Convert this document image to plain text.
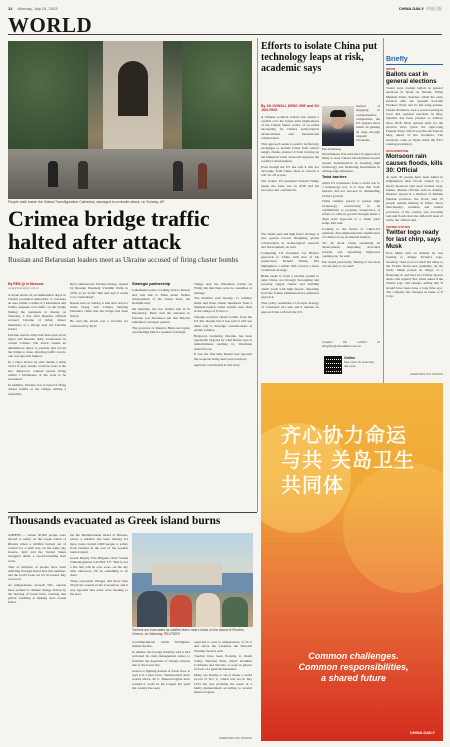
12 Monday, July 24, 2023	CHINA DAILY 中国日报
WORLD
People walk inside the Odesa Transfiguration Cathedral, damaged in a missile attack, on Sunday. AP
Crimea bridge traffic halted after attack
Russian and Belarusian leaders meet as Ukraine accused of firing cluster bombs
By REN QI in Moscow
renqi@chinadaily.com.cn

A drone attack on an ammunition depot in Crimea prompted authorities to evacuate an area within a radius of 5 kilometers and briefly suspend road traffic on the bridge linking the peninsula to Russia on Saturday, a day after Russian officials accused Ukraine of firing cluster munitions at a village near the Ukraine border.

Ukraine said its army had destroyed an oil depot and Russian army warehouses in central Crimea. The attack caused an ammunition depot to explode and forced the bridge to close, affecting traffic, but no one was reported injured.

In a video shown by state media, a thick cloud of gray smoke could be seen at the site. Aksyonov ordered people living within 5 kilometers of the zone to be evacuated.

In addition, Ukraine was accused of firing cluster bombs at the village, killing a journalist.

Ryb continues the Ukraine bridge, opened by Russian President Vladimir Putin in 2018, as an 'iconic' link and says it wants to be 'neutralized'.

Russia said on Sunday it had shot down a drone flying over Crimea, denying Ukraine's claim that the bridge had been struck.

He said the attack was a terrorist act carried out by Kyiv.

Strategic partnership

Lukashenko paid a working visit to Russia and will talk to Putin about further development of the Union State, the Kremlin said.

On Saturday, the two leaders met in St Petersburg. Putin said the situation in Ukraine was discussed and that Belarus remained a strategic partner.

The governor of Russia's Belgorod region said shelling killed a resident overnight.

village near the Ukrainian border on Friday but that there were no casualties or damage.

The Kremlin said Sunday, 21 artillery shells and three cluster munitions from a multiple-launch rocket system were fired at the village of Urazovo.

Ukraine received cluster bombs from the US this month, but it has said it will use them only to dislodge concentrations of enemy soldiers.

Belgorod, bordering Ukraine, has been repeatedly targeted by what Russia says is indiscriminate shelling by Ukrainian armed forces.

It was the first time Russia had reported the weapons being used on its territory.

Agencies contributed to this story.

Efforts to isolate China put technology leaps at risk, academic says
By XU DONGLI, DENG ZHE and XU JUN-YING

A Chinese political scholar has issued a caution over the longer-term implications of the United States' policy of so-called decoupling for China's technological advancements and international collaboration.

This approach seeks to restrict technology exchanges to include China from critical supply chains, obstruct it from moving up the industrial value chain and suppress the country's development.

Even though the US has said it will not 'decouple' from China, there is concern it will cut off access.

The former US president Donald Trump began the trade war in 2018 and his successor has continued it.

Pan Xuantang

instead of engaging in comprehensive competition, the US appears more intent on gaining an edge through targeted blockades.

Nevertheless, Pan said, the US approach is likely to steer China's development toward greater determination in fostering high technology and furthering investments in cutting-edge industries.

Twist barriers

Amid US transitions from a world war to a technology war, it is clear that 'wall' barriers did not succeed in dismantling China's growth.

China remains poised to pursue high technology, unwavering in its commitment to progress, irrespective of efforts to stifle its growth through either a 'high wall' approach or a 'small yard' setup, Pan said.

Looking to the future of China-US relations, Pan emphasized the significance of China's focus on internal matters.

'It's all about China sustaining its development, deepening structural reforms and expanding high-level opening-up,' he said.

Pan stated personally, 'hinting at the most crucial parts to be used'.

The 'small yard and high fence' strategy is also geared toward disrupting global collaboration in technological research and development, he said.

Comparing US President Joe Biden's approach to China with that of his predecessor Donald Trump, Pan highlighted a subtle shift toward a more coalitional strategy.

Biden seeks to form a parallel system to deter China, not through 'decoupling and severing supply chains' and building 'small yards with high fences', departing from the Trump administration's unilateral approach.

This policy resembles a US-style strategy of 'contained' 2x1 and, and it remains an approach that will hurt the US.

Contact the writers at dengzhe@chinadaily.com.cn
Online
See more by scanning the code
Briefly
SPAIN
Ballots cast in general elections
Voters were casting ballots in general elections in Spain on Sunday. Prime Minister Pedro Sánchez called the early election after the Spanish Socialist Workers' Party and its left-wing partner, Unidas Podemos, took a severe beating in local and regional elections in May. Sánchez has been pleased to achieve since 2018. Most opinion polls for the election have given the right-wing Popular Party, which won the elections in May, ahead of the Socialists. The elections come as Spain holds the EU's rotating presidency.
AFGHANISTAN
Monsoon rain causes floods, kills 30: Official
At least 30 people have been killed in Afghanistan after floods caused by a heavy monsoon rain spell washed away homes, disaster officials said on Sunday. Disaster spread at a distance of Maidan Wardak province, the flood, said 70 people remain missing in Jalrez. Since mid-January, southern and central provinces of the country saw torrential rain and floods that also killed 40 head of cattle, the official said.
UNITED STATES
Twitter logo ready for last chirp, says Musk
Elon Musk said on Sunday he was looking to change Twitter's logo, tweeting: 'And soon we shall bid adieu to the Twitter brand and, gradually, all the birds.' Musk posted an image of a flickering X, and later in a Twitter Spaces audio chat replied 'Yes' when asked if the Twitter logo will change, adding that 'It should have been done a long time ago.' The company has changed its name to X Corp.
AGENCIES VIA XINHUA
齐心协力命运与共 关岛卫生共同体
Common challenges.
Common responsibilities,
a shared future
CHINA DAILY
Thousands evacuated as Greek island burns

ATHENS — About 30,000 people were moved to safety on the Greek island of Rhodes when a wildfire burned out of control for a sixth day, on the same day Greece, Italy and the United States struggled under a record-breaking heat wave.

Tens of millions of people have been suffering through brutal heat this summer, and the world looks set for its hottest July on record.

As temperatures exceeds 50C, experts have pointed to climate change driven by the burning of fossil fuels, warning that global warming is making such events hotter.

On the Mediterranean island of Rhodes, where a wildfire has been blazing for days, boats carried 2,000 people to safety from beaches in the east of the popular tourist island.

Greek Deputy Fire Brigade Chief Vasilis Vathrakogiannis told ERT TV: 'This is not a fire that will be over soon—as the day after tomorrow, it'll be something to be done.'

Three evacuated villages and more than 30 private vessels in the evacuation; and it was reported that some were heading to the area.

Tourists are evacuated as wildfire burns near Lindos on the island of Rhodes, Greece, on Saturday. REUTERS

accommodations whilst firefighters battled the fire.

In Athens, the foreign ministry said it had activated its crisis management center to facilitate the departure of foreign citizens due to the forest fire.

Greece is fighting dozens of forest fires. It says it is a heat wave. Temperatures have soared above 40 C. Meteorologists have warned it could be the longest hot spell the country has seen.

expected to soar to temperatures of 45 C and above the weekend, the National Weather Service said.

Tourists have been flocking to Death Valley National Park, which straddles California and Nevada, to pose in photos in front of a giant thermometer.

Many are hoping to see it break a world record of 56.7 C, which was set in July 1913 but was probably the result of a faulty measurement according to several meteorologists.

AGENCIES VIA XINHUA
